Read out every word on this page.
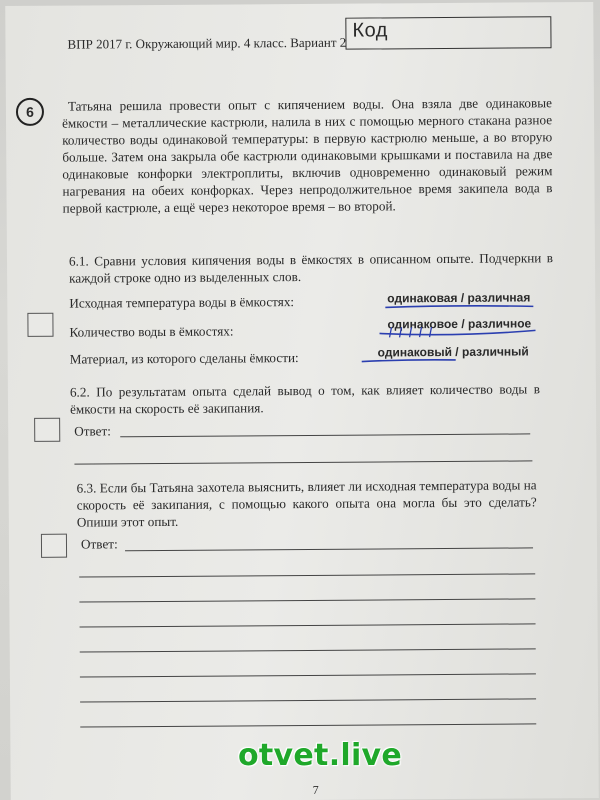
ВПР 2017 г. Окружающий мир. 4 класс. Вариант 2
Код
6	Татьяна решила провести опыт с кипячением воды. Она взяла две одинаковые ёмкости – металлические кастрюли, налила в них с помощью мерного стакана разное количество воды одинаковой температуры: в первую кастрюлю меньше, а во вторую больше. Затем она закрыла обе кастрюли одинаковыми крышками и поставила на две одинаковые конфорки электроплиты, включив одновременно одинаковый режим нагревания на обеих конфорках. Через непродолжительное время закипела вода в первой кастрюле, а ещё через некоторое время – во второй.
6.1. Сравни условия кипячения воды в ёмкостях в описанном опыте. Подчеркни в каждой строке одно из выделенных слов.
Исходная температура воды в ёмкостях:	одинаковая / различная
Количество воды в ёмкостях:	одинаковое / различное
Материал, из которого сделаны ёмкости:	одинаковый / различный
6.2. По результатам опыта сделай вывод о том, как влияет количество воды в ёмкости на скорость её закипания.
Ответ:
6.3. Если бы Татьяна захотела выяснить, влияет ли исходная температура воды на скорость её закипания, с помощью какого опыта она могла бы это сделать? Опиши этот опыт.
Ответ:
7
otvet.live
